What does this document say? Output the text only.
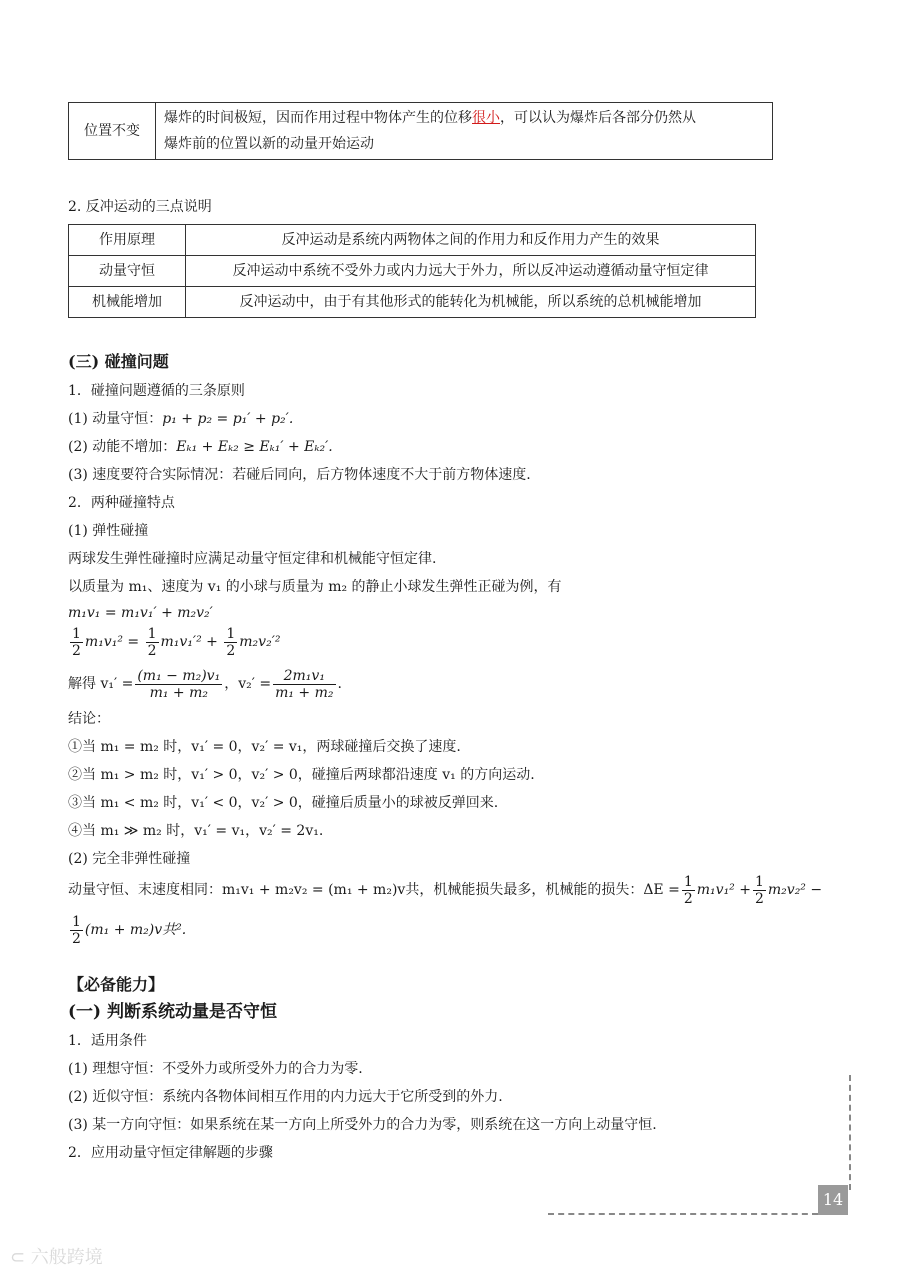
位置不变	爆炸的时间极短，因而作用过程中物体产生的位移很小，可以认为爆炸后各部分仍然从
爆炸前的位置以新的动量开始运动
2. 反冲运动的三点说明
作用原理	反冲运动是系统内两物体之间的作用力和反作用力产生的效果
动量守恒	反冲运动中系统不受外力或内力远大于外力，所以反冲运动遵循动量守恒定律
机械能增加	反冲运动中，由于有其他形式的能转化为机械能，所以系统的总机械能增加
(三) 碰撞问题
1．碰撞问题遵循的三条原则
(1) 动量守恒：p₁ + p₂ = p₁′ + p₂′.
(2) 动能不增加：Eₖ₁ + Eₖ₂ ≥ Eₖ₁′ + Eₖ₂′.
(3) 速度要符合实际情况：若碰后同向，后方物体速度不大于前方物体速度.
2．两种碰撞特点
(1) 弹性碰撞
两球发生弹性碰撞时应满足动量守恒定律和机械能守恒定律.
以质量为 m₁、速度为 v₁ 的小球与质量为 m₂ 的静止小球发生弹性正碰为例，有
m₁v₁ = m₁v₁′ + m₂v₂′
$\frac{1}{2} m_1v_1^2 = \frac{1}{2} m_1v_1'^2 + \frac{1}{2} m_2v_2'^2$
解得 $v_1' = \frac{\text{(m₁ − m₂)v₁}}{\text{m₁ + m₂}}$ ，$v_2' = \frac{\text{2m₁v₁}}{\text{m₁ + m₂}}$ .
结论：
①当 m₁ = m₂ 时，v₁′ = 0，v₂′ = v₁，两球碰撞后交换了速度.
②当 m₁ > m₂ 时，v₁′ > 0，v₂′ > 0，碰撞后两球都沿速度 v₁ 的方向运动.
③当 m₁ < m₂ 时，v₁′ < 0，v₂′ > 0，碰撞后质量小的球被反弹回来.
④当 m₁ ≫ m₂ 时，v₁′ = v₁，v₂′ = 2v₁.
(2) 完全非弹性碰撞
动量守恒、末速度相同：m₁v₁ + m₂v₂ = (m₁ + m₂)v共，机械能损失最多，机械能的损失：$\Delta E = \frac{1}{2} m_1v_1^2 + \frac{1}{2} m_2v_2^2$ −
$\frac{1}{2} (m_1 + m_2)v$共².
【必备能力】
(一) 判断系统动量是否守恒
1．适用条件
(1) 理想守恒：不受外力或所受外力的合力为零.
(2) 近似守恒：系统内各物体间相互作用的内力远大于它所受到的外力.
(3) 某一方向守恒：如果系统在某一方向上所受外力的合力为零，则系统在这一方向上动量守恒.
2．应用动量守恒定律解题的步骤
14
⊂ 六般跨境
